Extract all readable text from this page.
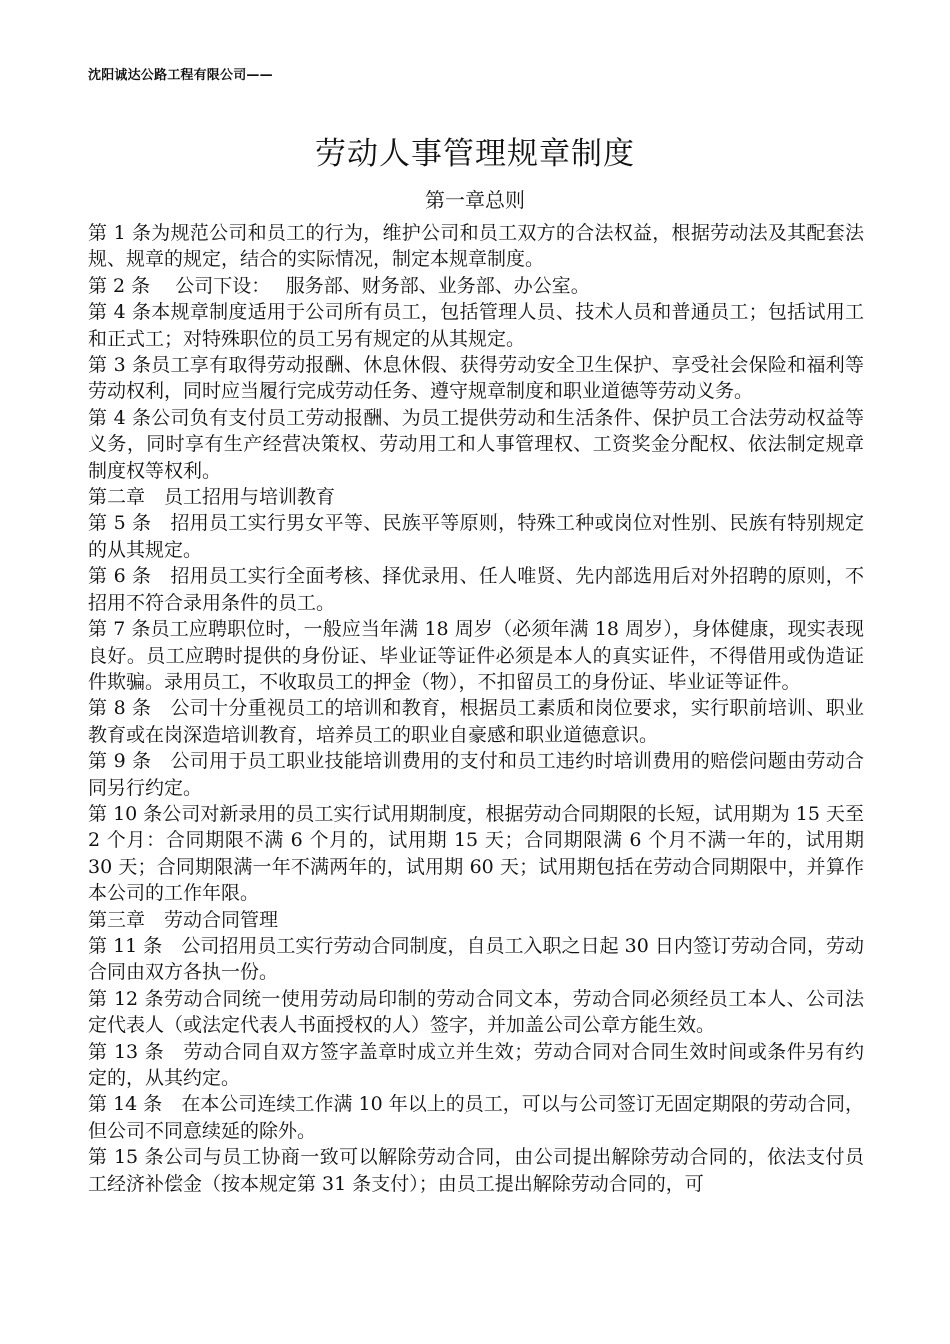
沈阳诚达公路工程有限公司——
劳动人事管理规章制度
第一章总则

第 1 条为规范公司和员工的行为，维护公司和员工双方的合法权益，根据劳动法及其配套法规、规章的规定，结合的实际情况，制定本规章制度。

第 2 条　 公司下设：　 服务部、财务部、业务部、办公室。

第 4 条本规章制度适用于公司所有员工，包括管理人员、技术人员和普通员工；包括试用工和正式工；对特殊职位的员工另有规定的从其规定。

第 3 条员工享有取得劳动报酬、休息休假、获得劳动安全卫生保护、享受社会保险和福利等劳动权利，同时应当履行完成劳动任务、遵守规章制度和职业道德等劳动义务。

第 4 条公司负有支付员工劳动报酬、为员工提供劳动和生活条件、保护员工合法劳动权益等义务，同时享有生产经营决策权、劳动用工和人事管理权、工资奖金分配权、依法制定规章制度权等权利。

第二章　员工招用与培训教育

第 5 条　招用员工实行男女平等、民族平等原则，特殊工种或岗位对性别、民族有特别规定的从其规定。

第 6 条　招用员工实行全面考核、择优录用、任人唯贤、先内部选用后对外招聘的原则，不招用不符合录用条件的员工。

第 7 条员工应聘职位时，一般应当年满 18 周岁（必须年满 18 周岁），身体健康，现实表现良好。员工应聘时提供的身份证、毕业证等证件必须是本人的真实证件，不得借用或伪造证件欺骗。录用员工，不收取员工的押金（物），不扣留员工的身份证、毕业证等证件。

第 8 条　公司十分重视员工的培训和教育，根据员工素质和岗位要求，实行职前培训、职业教育或在岗深造培训教育，培养员工的职业自豪感和职业道德意识。

第 9 条　公司用于员工职业技能培训费用的支付和员工违约时培训费用的赔偿问题由劳动合同另行约定。

第 10 条公司对新录用的员工实行试用期制度，根据劳动合同期限的长短，试用期为 15 天至 2 个月：合同期限不满 6 个月的，试用期 15 天；合同期限满 6 个月不满一年的，试用期 30 天；合同期限满一年不满两年的，试用期 60 天；试用期包括在劳动合同期限中，并算作本公司的工作年限。

第三章　劳动合同管理

第 11 条　公司招用员工实行劳动合同制度，自员工入职之日起 30 日内签订劳动合同，劳动合同由双方各执一份。

第 12 条劳动合同统一使用劳动局印制的劳动合同文本，劳动合同必须经员工本人、公司法定代表人（或法定代表人书面授权的人）签字，并加盖公司公章方能生效。

第 13 条　劳动合同自双方签字盖章时成立并生效；劳动合同对合同生效时间或条件另有约定的，从其约定。

第 14 条　在本公司连续工作满 10 年以上的员工，可以与公司签订无固定期限的劳动合同，但公司不同意续延的除外。

第 15 条公司与员工协商一致可以解除劳动合同，由公司提出解除劳动合同的，依法支付员工经济补偿金（按本规定第 31 条支付）；由员工提出解除劳动合同的，可
